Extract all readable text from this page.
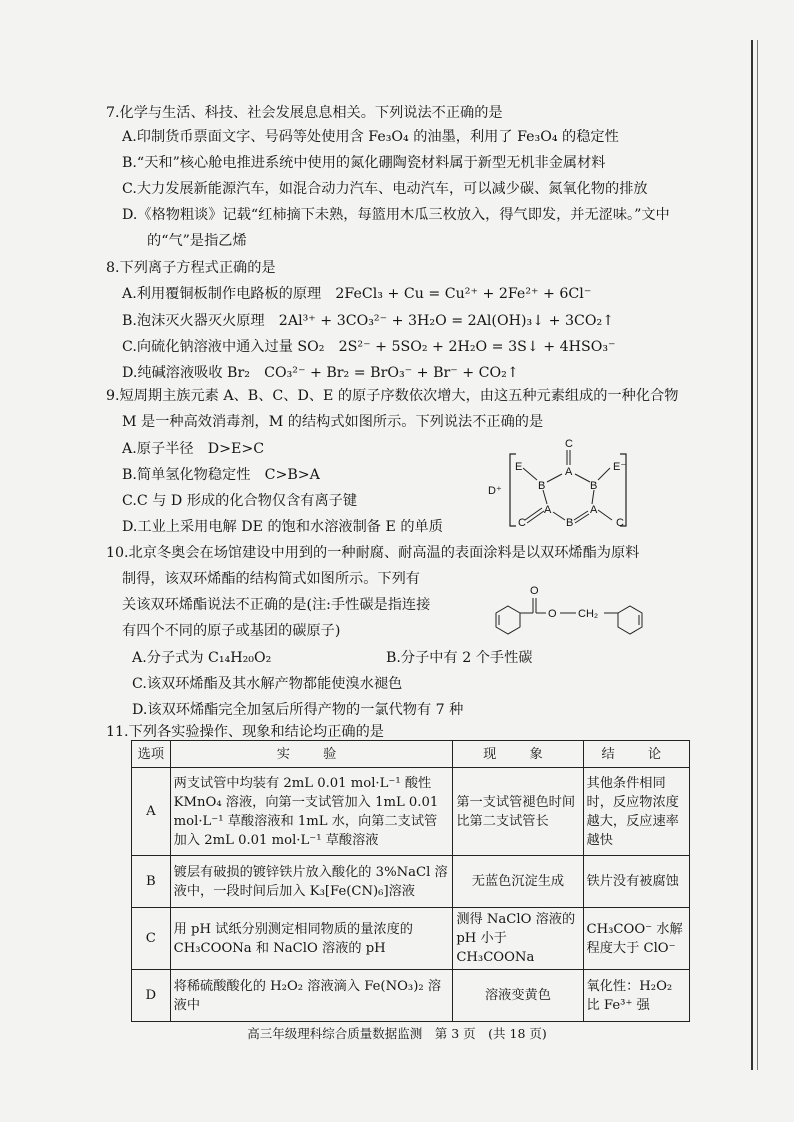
7.化学与生活、科技、社会发展息息相关。下列说法不正确的是
A.印制货币票面文字、号码等处使用含 Fe₃O₄ 的油墨，利用了 Fe₃O₄ 的稳定性
B.“天和”核心舱电推进系统中使用的氮化硼陶瓷材料属于新型无机非金属材料
C.大力发展新能源汽车，如混合动力汽车、电动汽车，可以减少碳、氮氧化物的排放
D.《格物粗谈》记载“红柿摘下未熟，每篮用木瓜三枚放入，得气即发，并无涩味。”文中
的“气”是指乙烯
8.下列离子方程式正确的是
A.利用覆铜板制作电路板的原理　2FeCl₃ + Cu = Cu²⁺ + 2Fe²⁺ + 6Cl⁻
B.泡沫灭火器灭火原理　2Al³⁺ + 3CO₃²⁻ + 3H₂O = 2Al(OH)₃↓ + 3CO₂↑
C.向硫化钠溶液中通入过量 SO₂　2S²⁻ + 5SO₂ + 2H₂O = 3S↓ + 4HSO₃⁻
D.纯碱溶液吸收 Br₂　CO₃²⁻ + Br₂ = BrO₃⁻ + Br⁻ + CO₂↑
9.短周期主族元素 A、B、C、D、E 的原子序数依次增大，由这五种元素组成的一种化合物
M 是一种高效消毒剂，M 的结构式如图所示。下列说法不正确的是
A.原子半径　D>E>C
B.简单氢化物稳定性　C>B>A
C.C 与 D 形成的化合物仅含有离子键
D.工业上采用电解 DE 的饱和水溶液制备 E 的单质
D⁺
E	E⁻
C
A
B	B
A
B
A
C	C
10.北京冬奥会在场馆建设中用到的一种耐腐、耐高温的表面涂料是以双环烯酯为原料
制得，该双环烯酯的结构简式如图所示。下列有
关该双环烯酯说法不正确的是(注:手性碳是指连接
有四个不同的原子或基团的碳原子)
A.分子式为 C₁₄H₂₀O₂	B.分子中有 2 个手性碳
C.该双环烯酯及其水解产物都能使溴水褪色
D.该双环烯酯完全加氢后所得产物的一氯代物有 7 种
O
O CH₂
11.下列各实验操作、现象和结论均正确的是
选项	实　验	现　象	结　论
A	两支试管中均装有 2mL 0.01 mol·L⁻¹ 酸性 KMnO₄ 溶液，向第一支试管加入 1mL 0.01 mol·L⁻¹ 草酸溶液和 1mL 水，向第二支试管加入 2mL 0.01 mol·L⁻¹ 草酸溶液	第一支试管褪色时间比第二支试管长	其他条件相同时，反应物浓度越大，反应速率越快
B	镀层有破损的镀锌铁片放入酸化的 3%NaCl 溶液中，一段时间后加入 K₃[Fe(CN)₆]溶液	无蓝色沉淀生成	铁片没有被腐蚀
C	用 pH 试纸分别测定相同物质的量浓度的 CH₃COONa 和 NaClO 溶液的 pH	测得 NaClO 溶液的 pH 小于 CH₃COONa	CH₃COO⁻ 水解程度大于 ClO⁻
D	将稀硫酸酸化的 H₂O₂ 溶液滴入 Fe(NO₃)₂ 溶液中	溶液变黄色	氧化性：H₂O₂ 比 Fe³⁺ 强
高三年级理科综合质量数据监测　第 3 页　(共 18 页)
